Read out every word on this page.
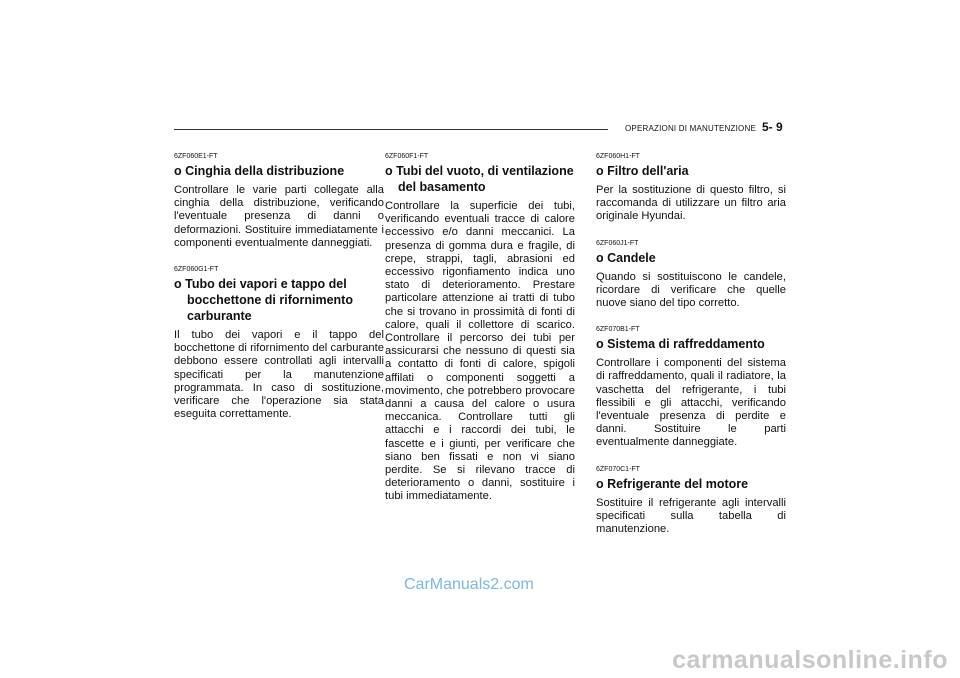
OPERAZIONI DI MANUTENZIONE 5- 9
6ZF060E1-FT
o Cinghia della distribuzione
Controllare le varie parti collegate alla cinghia della distribuzione, verificando l'eventuale presenza di danni o deformazioni. Sostituire immediatamente i componenti eventualmente danneggiati.
6ZF060G1-FT
o Tubo dei vapori e tappo del bocchettone di rifornimento carburante
Il tubo dei vapori e il tappo del bocchettone di rifornimento del carburante debbono essere controllati agli intervalli specificati per la manutenzione programmata. In caso di sostituzione, verificare che l'operazione sia stata eseguita correttamente.
6ZF060F1-FT
o Tubi del vuoto, di ventilazione del basamento
Controllare la superficie dei tubi, verificando eventuali tracce di calore eccessivo e/o danni meccanici. La presenza di gomma dura e fragile, di crepe, strappi, tagli, abrasioni ed eccessivo rigonfiamento indica uno stato di deterioramento. Prestare particolare attenzione ai tratti di tubo che si trovano in prossimità di fonti di calore, quali il collettore di scarico. Controllare il percorso dei tubi per assicurarsi che nessuno di questi sia a contatto di fonti di calore, spigoli affilati o componenti soggetti a movimento, che potrebbero provocare danni a causa del calore o usura meccanica. Controllare tutti gli attacchi e i raccordi dei tubi, le fascette e i giunti, per verificare che siano ben fissati e non vi siano perdite. Se si rilevano tracce di deterioramento o danni, sostituire i tubi immediatamente.
6ZF060H1-FT
o Filtro dell'aria
Per la sostituzione di questo filtro, si raccomanda di utilizzare un filtro aria originale Hyundai.
6ZF060J1-FT
o Candele
Quando si sostituiscono le candele, ricordare di verificare che quelle nuove siano del tipo corretto.
6ZF070B1-FT
o Sistema di raffreddamento
Controllare i componenti del sistema di raffreddamento, quali il radiatore, la vaschetta del refrigerante, i tubi flessibili e gli attacchi, verificando l'eventuale presenza di perdite e danni. Sostituire le parti eventualmente danneggiate.
6ZF070C1-FT
o Refrigerante del motore
Sostituire il refrigerante agli intervalli specificati sulla tabella di manutenzione.
CarManuals2.com
carmanualsonline.info
